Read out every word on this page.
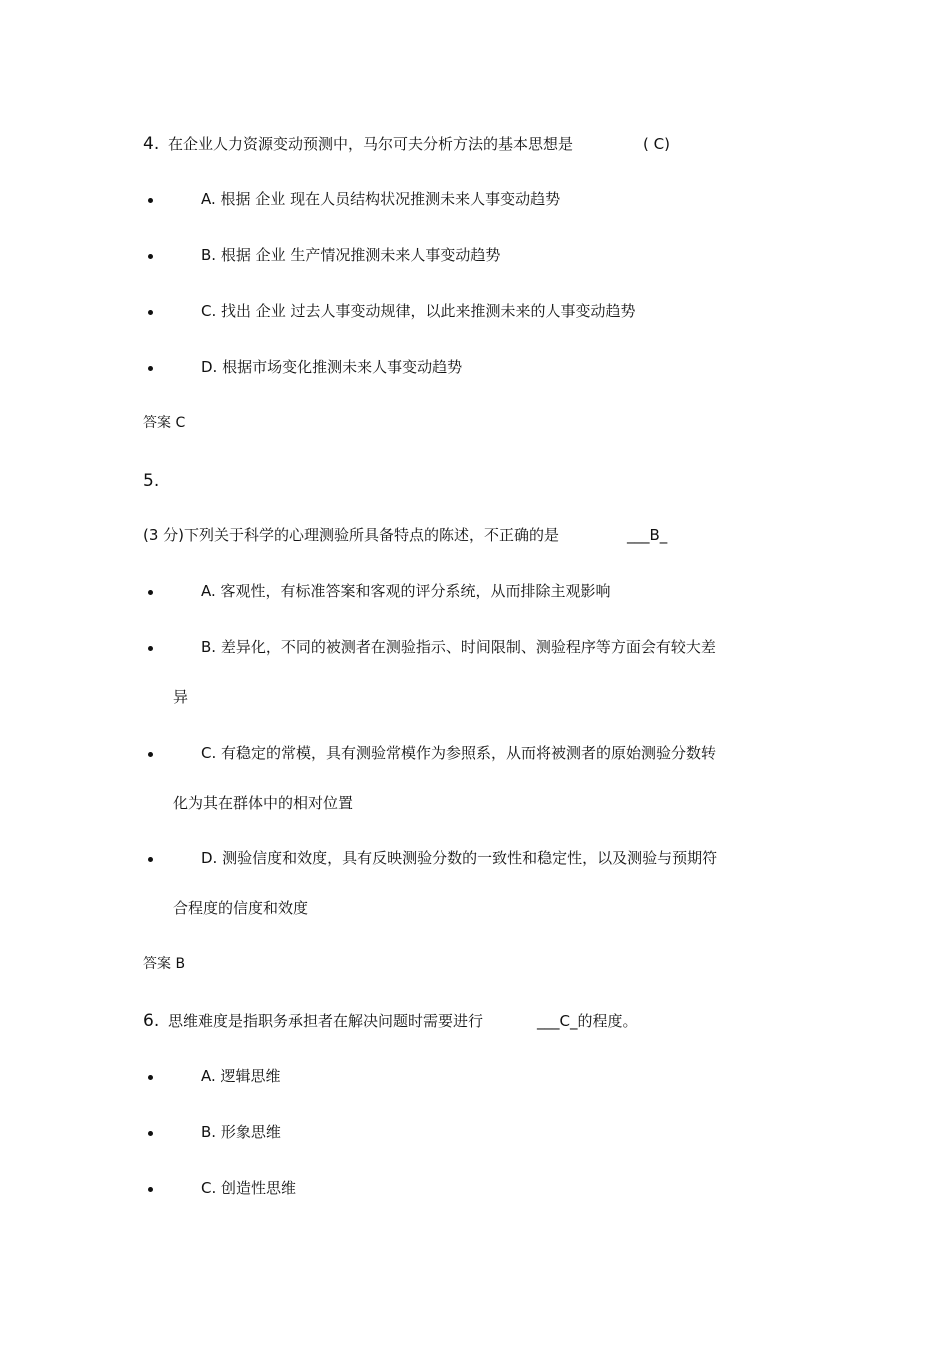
4. 在企业人力资源变动预测中，马尔可夫分析方法的基本思想是	( C)
A. 根据 企业 现在人员结构状况推测未来人事变动趋势
B. 根据 企业 生产情况推测未来人事变动趋势
C. 找出 企业 过去人事变动规律，以此来推测未来的人事变动趋势
D. 根据市场变化推测未来人事变动趋势
答案 C
5.
(3 分)下列关于科学的心理测验所具备特点的陈述，不正确的是	___B_
A. 客观性，有标准答案和客观的评分系统，从而排除主观影响
B. 差异化，不同的被测者在测验指示、时间限制、测验程序等方面会有较大差
异
C. 有稳定的常模，具有测验常模作为参照系，从而将被测者的原始测验分数转
化为其在群体中的相对位置
D. 测验信度和效度，具有反映测验分数的一致性和稳定性，以及测验与预期符
合程度的信度和效度
答案 B
6. 思维难度是指职务承担者在解决问题时需要进行	___C_的程度。
A. 逻辑思维
B. 形象思维
C. 创造性思维
